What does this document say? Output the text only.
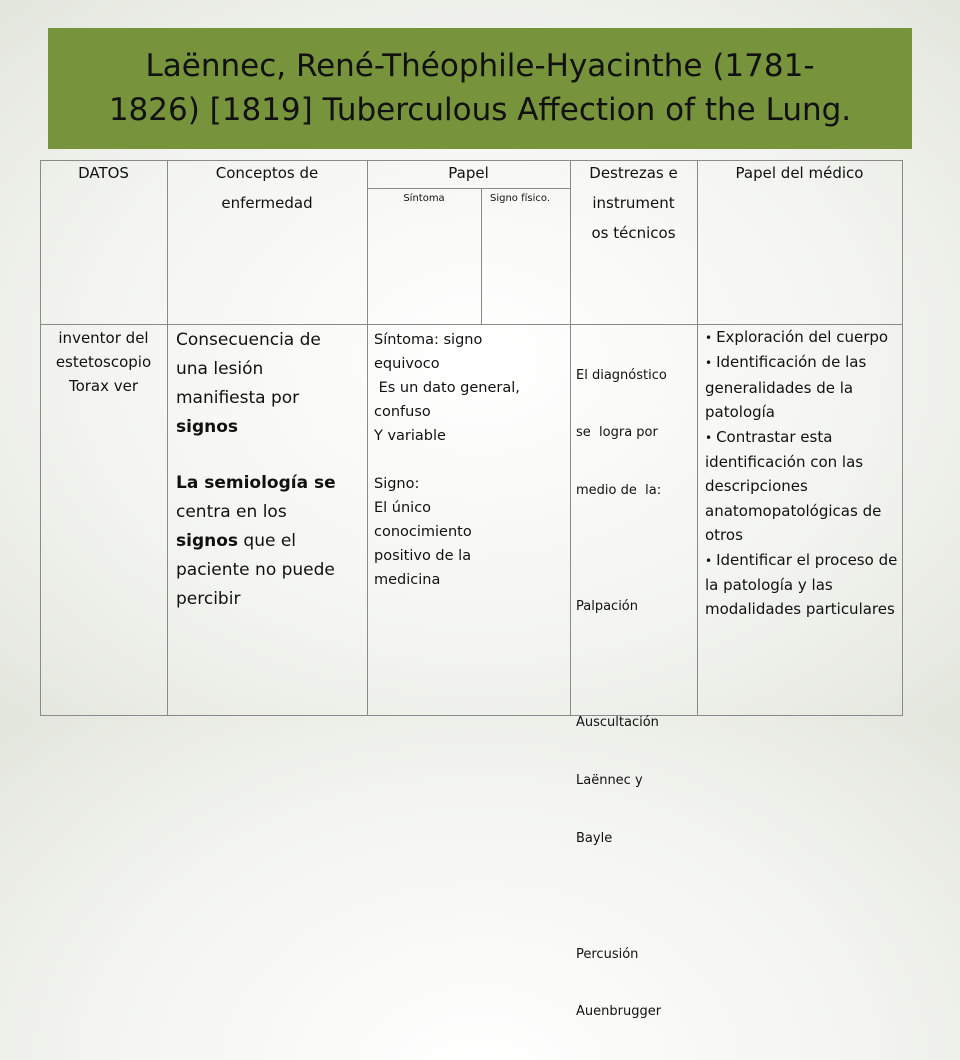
Laënnec, René-Théophile-Hyacinthe (1781-
1826) [1819] Tuberculous Affection of the Lung.
DATOS	Conceptos de
enfermedad
Papel
Síntoma	Signo físico.
Destrezas e
instrument
os técnicos
Papel del médico
inventor del
estetoscopio
Torax ver
Consecuencia de
una lesión
manifiesta por
signos
La semiología se
centra en los
signos que el
paciente no puede
percibir
Síntoma: signo
equivoco
Es un dato general,
confuso
Y variable
Signo:
El único
conocimiento
positivo de la
medicina

El diagnóstico

se  logra por

medio de  la:

Palpación

Auscultación

Laënnec y

Bayle

Percusión

Auenbrugger

• Exploración del cuerpo
• Identificación de las generalidades de la patología
• Contrastar esta identificación con las descripciones anatomopatológicas de otros
• Identificar el proceso de la patología y las modalidades particulares
